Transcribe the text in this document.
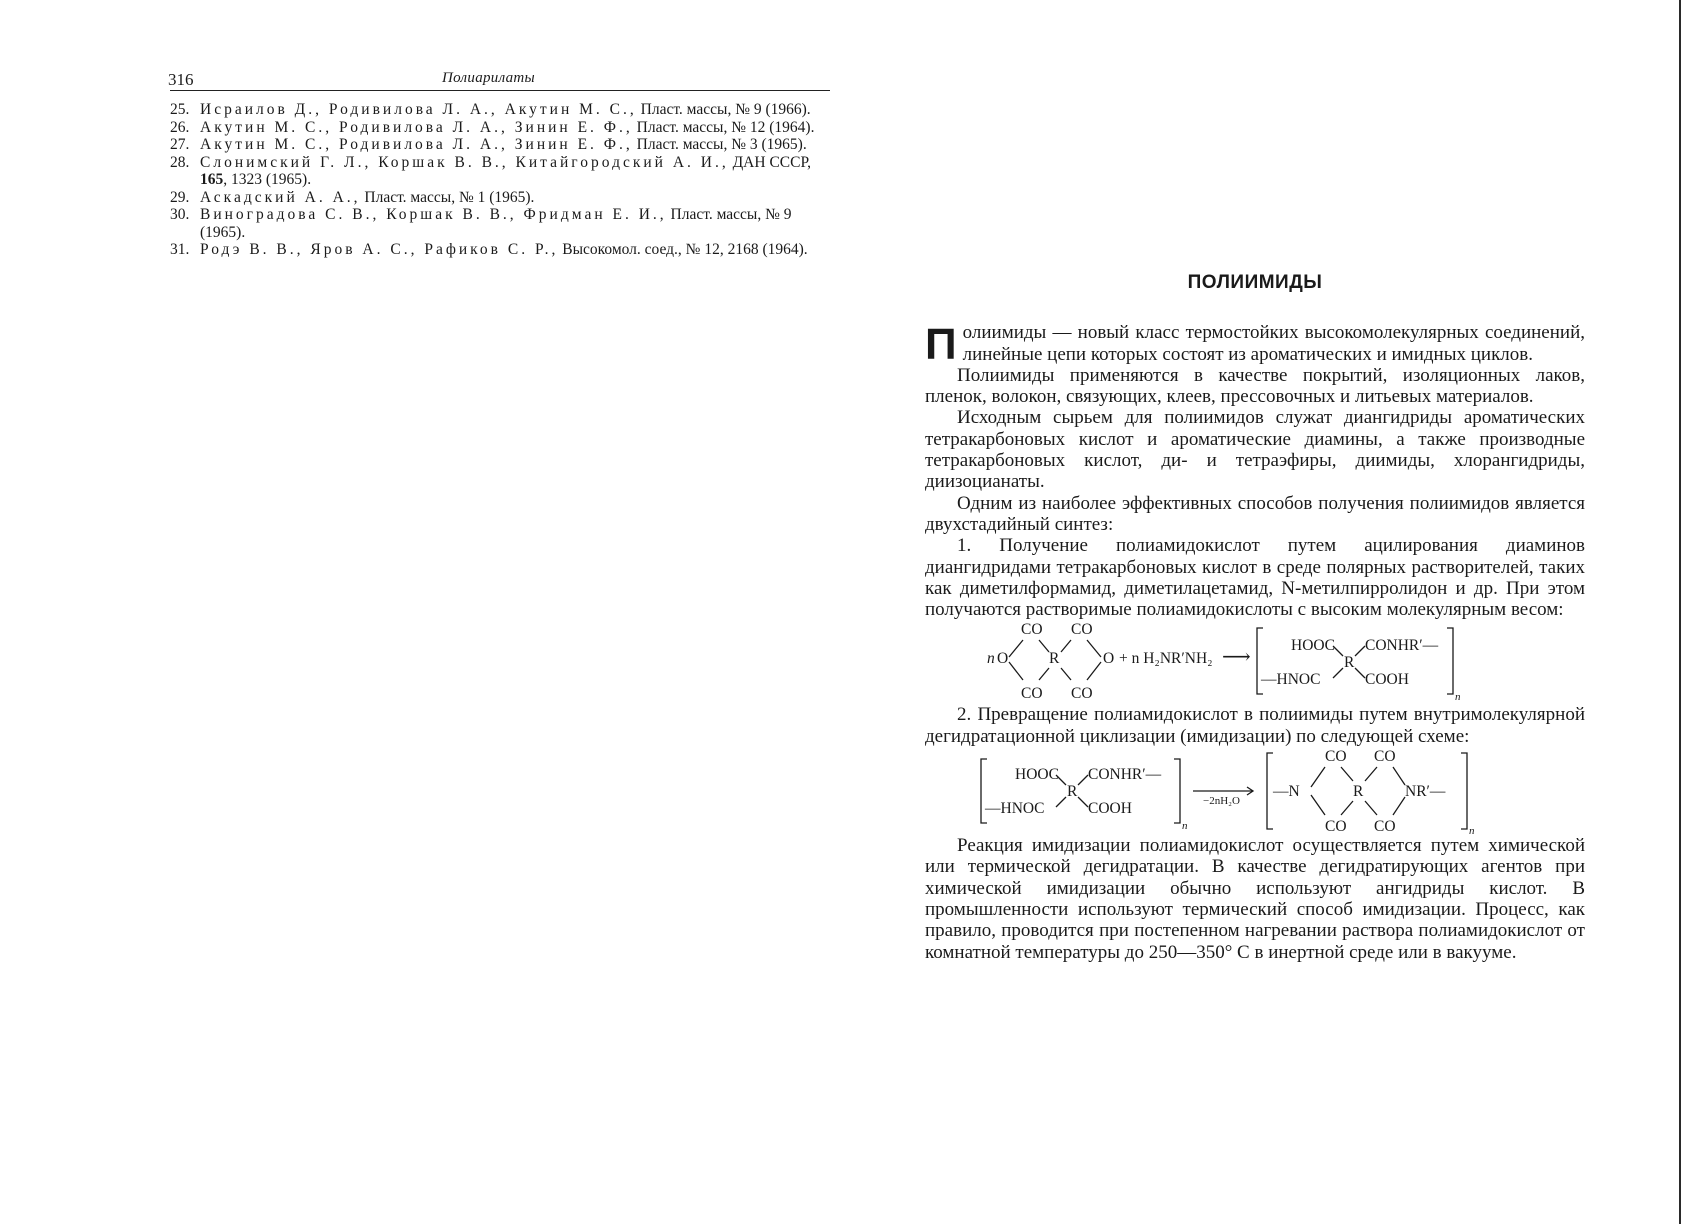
316	Полиарилаты
25. Исраилов Д., Родивилова Л. А., Акутин М. С., Пласт. массы, № 9 (1966).
26. Акутин М. С., Родивилова Л. А., Зинин Е. Ф., Пласт. массы, № 12 (1964).
27. Акутин М. С., Родивилова Л. А., Зинин Е. Ф., Пласт. массы, № 3 (1965).
28. Слонимский Г. Л., Коршак В. В., Китайгородский А. И., ДАН СССР, 165, 1323 (1965).
29. Аскадский А. А., Пласт. массы, № 1 (1965).
30. Виноградова С. В., Коршак В. В., Фридман Е. И., Пласт. массы, № 9 (1965).
31. Родэ В. В., Яров А. С., Рафиков С. Р., Высокомол. соед., № 12, 2168 (1964).
ПОЛИИМИДЫ

Полиимиды — новый класс термостойких высокомолекулярных соединений, линейные цепи которых состоят из ароматических и имидных циклов.

Полиимиды применяются в качестве покрытий, изоляционных лаков, пленок, волокон, связующих, клеев, прессовочных и литьевых материалов.

Исходным сырьем для полиимидов служат диангидриды ароматических тетракарбоновых кислот и ароматические диамины, а также производные тетракарбоновых кислот, ди- и тетраэфиры, диимиды, хлорангидриды, диизоцианаты.

Одним из наиболее эффективных способов получения полиимидов является двухстадийный синтез:

1. Получение полиамидокислот путем ацилирования диаминов диангидридами тетракарбоновых кислот в среде полярных растворителей, таких как диметилформамид, диметилацетамид, N-метилпирролидон и др. При этом получаются растворимые полиамидокислоты с высоким молекулярным весом:

n O
CO CO
CO CO
R	O + n H₂NR′NH₂ ⟶
HOOC
—HNOC
R
CONHR′—
COOH
n

2. Превращение полиамидокислот в полиимиды путем внутримолекулярной дегидратационной циклизации (имидизации) по следующей схеме:

HOOC
—HNOC
R
CONHR′—
COOH
n
−2nH₂O
—N
CO CO
CO CO
R	NR′—
n

Реакция имидизации полиамидокислот осуществляется путем химической или термической дегидратации. В качестве дегидратирующих агентов при химической имидизации обычно используют ангидриды кислот. В промышленности используют термический способ имидизации. Процесс, как правило, проводится при постепенном нагревании раствора полиамидокислот от комнатной температуры до 250—350° С в инертной среде или в вакууме.
